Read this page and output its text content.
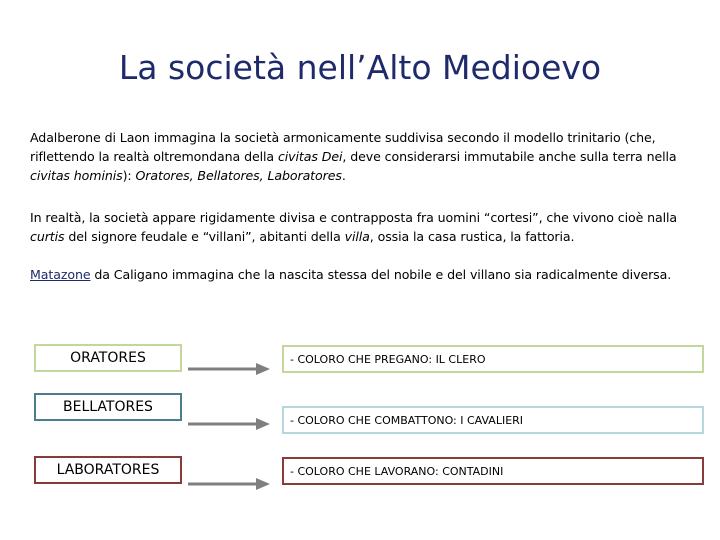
La società nell’Alto Medioevo
Adalberone di Laon immagina la società armonicamente suddivisa secondo il modello trinitario (che, riflettendo la realtà oltremondana della civitas Dei, deve considerarsi immutabile anche sulla terra nella civitas hominis): Oratores, Bellatores, Laboratores.
In realtà, la società appare rigidamente divisa e contrapposta fra uomini “cortesi”, che vivono cioè nalla curtis del signore feudale e “villani”, abitanti della villa, ossia la casa rustica, la fattoria.
Matazone da Caligano immagina che la nascita stessa del nobile e del villano sia radicalmente diversa.
ORATORES	- COLORO CHE PREGANO: IL CLERO
BELLATORES
- COLORO CHE COMBATTONO: I CAVALIERI
LABORATORES	- COLORO CHE LAVORANO: CONTADINI
